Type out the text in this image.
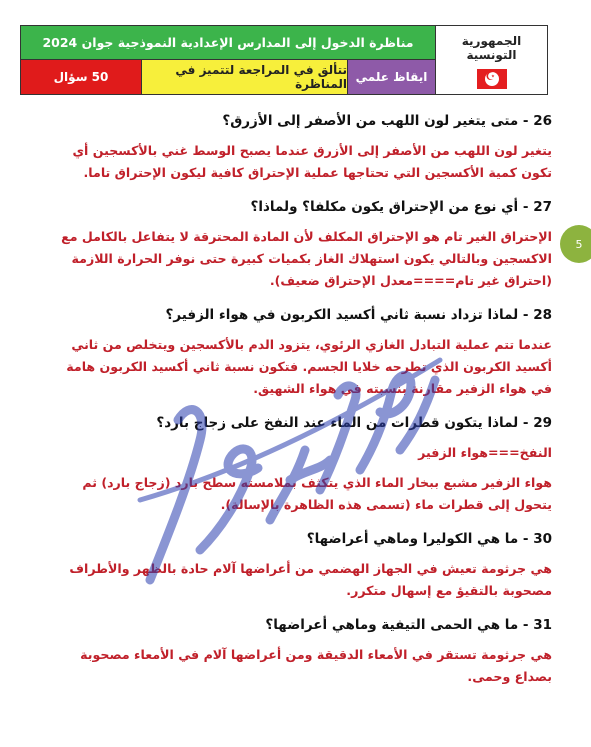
الجمهورية التونسية
☪
مناظرة الدخول إلى المدارس الإعدادية النموذجية جوان 2024
ايقاظ علمي
تتألق في المراجعة لتتميز في المناظرة
50 سؤال
5

26 - متى يتغير لون اللهب من الأصفر إلى الأزرق؟

يتغير لون اللهب من الأصفر إلى الأزرق عندما يصبح الوسط غني بالأكسجين أي تكون كمية الأكسجين التي تحتاجها عملية الإحتراق كافية ليكون الإحتراق تاما.

27 - أي نوع من الإحتراق يكون مكلفا؟ ولماذا؟

الإحتراق الغير تام هو الإحتراق المكلف لأن المادة المحترقة لا يتفاعل بالكامل مع الاكسجين وبالتالي يكون استهلاك الغاز بكميات كبيرة حتى نوفر الحرارة اللازمة (احتراق غير تام====معدل الإحتراق ضعيف).

28 - لماذا تزداد نسبة ثاني أكسيد الكربون في هواء الزفير؟

عندما تتم عملية التبادل الغازي الرئوي، يتزود الدم بالأكسجين ويتخلص من ثاني أكسيد الكربون الذي تطرحه خلايا الجسم. فتكون نسبة ثاني أكسيد الكربون هامة في هواء الزفير مقارنة بنسبته في هواء الشهيق.

29 - لماذا يتكون قطرات من الماء عند النفخ على زجاج بارد؟

النفخ===هواء الزفير

هواء الزفير مشبع ببخار الماء الذي يتكثف بملامسته سطح بارد (زجاج بارد) ثم يتحول إلى قطرات ماء (تسمى هذه الظاهرة بالإسالة).

30 - ما هي الكوليرا وماهي أعراضها؟

هي جرثومة تعيش في الجهاز الهضمي من أعراضها آلام حادة بالظهر والأطراف مصحوبة بالتقيؤ مع إسهال متكرر.

31 - ما هي الحمى التيفية وماهي أعراضها؟

هي جرثومة تستقر في الأمعاء الدقيقة ومن أعراضها آلام في الأمعاء مصحوبة بصداع وحمى.
